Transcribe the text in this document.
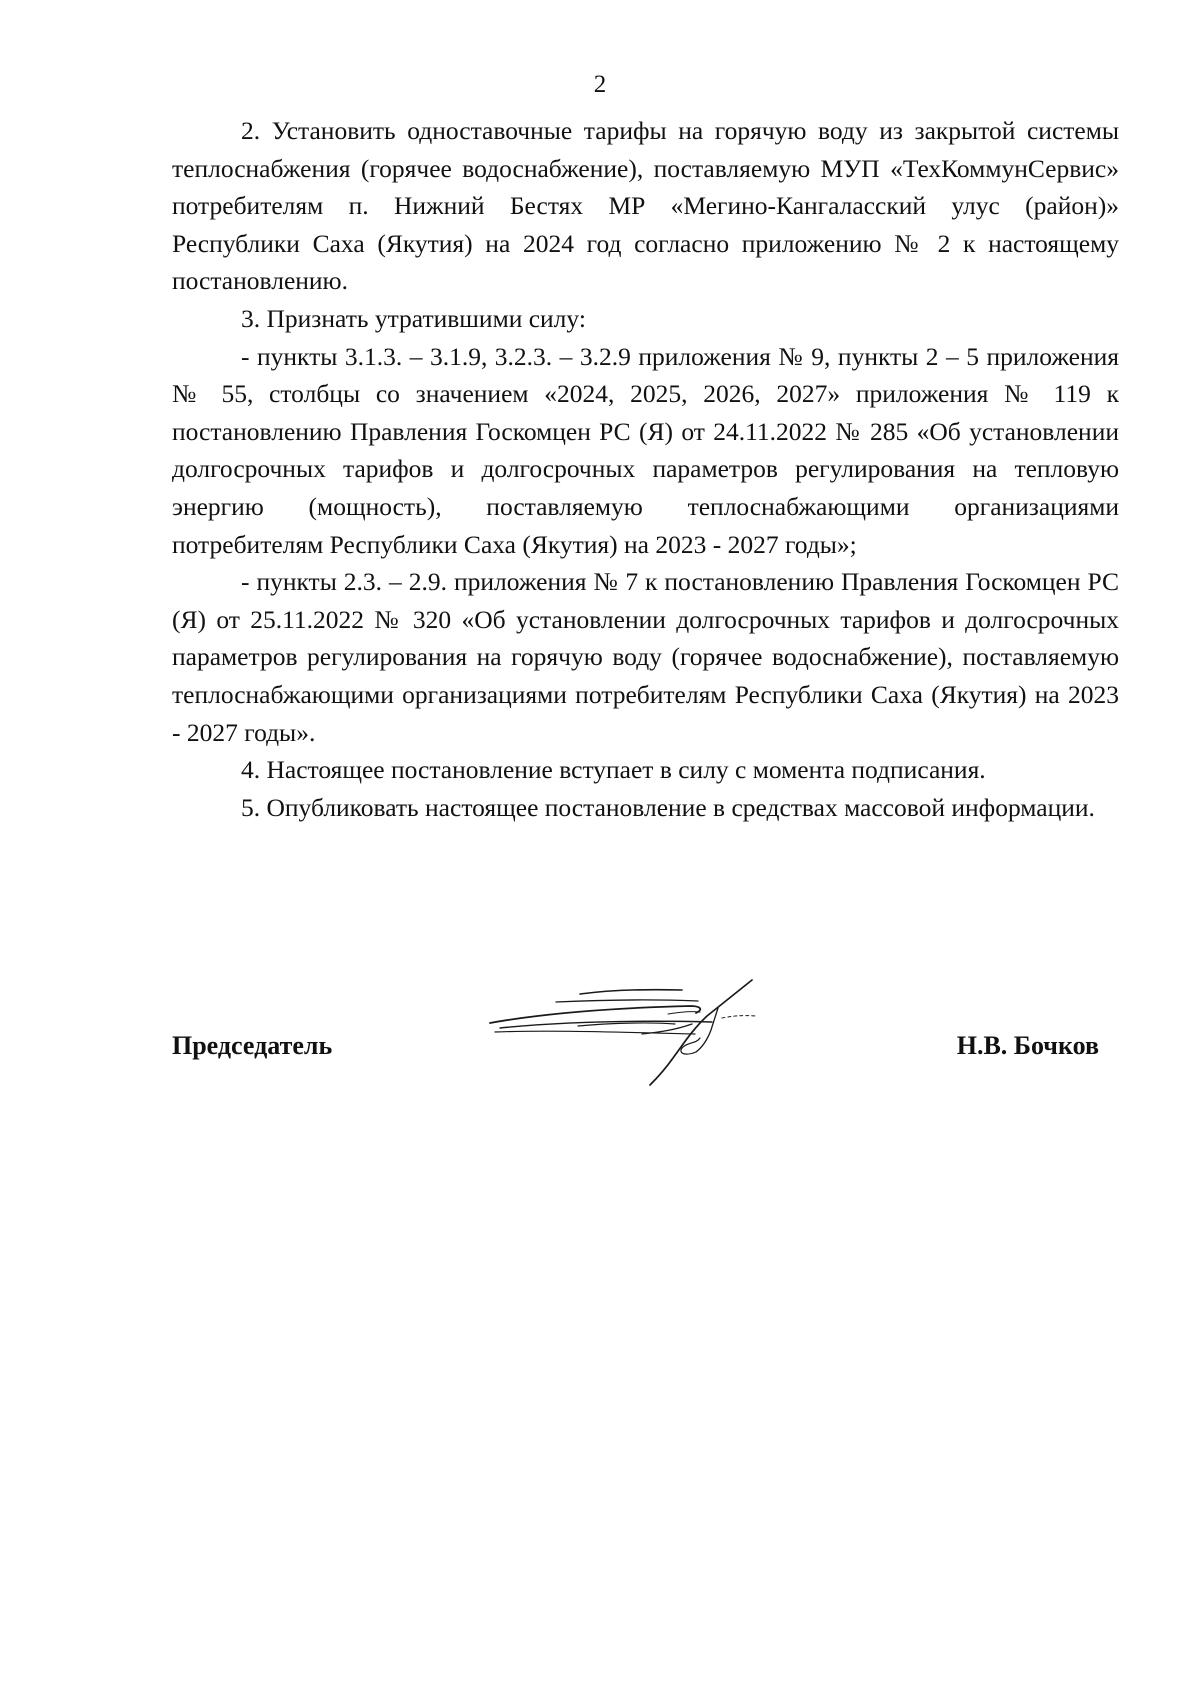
2

2. Установить одноставочные тарифы на горячую воду из закрытой системы теплоснабжения (горячее водоснабжение), поставляемую МУП «ТехКоммунСервис» потребителям п. Нижний Бестях МР «Мегино-Кангаласский улус (район)» Республики Саха (Якутия) на 2024 год согласно приложению № 2 к настоящему постановлению.

3. Признать утратившими силу:

- пункты 3.1.3. – 3.1.9, 3.2.3. – 3.2.9 приложения № 9, пункты 2 – 5 приложения № 55, столбцы со значением «2024, 2025, 2026, 2027» приложения № 119 к постановлению Правления Госкомцен РС (Я) от 24.11.2022 № 285 «Об установлении долгосрочных тарифов и долгосрочных параметров регулирования на тепловую энергию (мощность), поставляемую теплоснабжающими организациями потребителям Республики Саха (Якутия) на 2023 - 2027 годы»;

- пункты 2.3. – 2.9. приложения № 7 к постановлению Правления Госкомцен РС (Я) от 25.11.2022 № 320 «Об установлении долгосрочных тарифов и долгосрочных параметров регулирования на горячую воду (горячее водоснабжение), поставляемую теплоснабжающими организациями потребителям Республики Саха (Якутия) на 2023 - 2027 годы».

4. Настоящее постановление вступает в силу с момента подписания.

5. Опубликовать настоящее постановление в средствах массовой информации.

Председатель	Н.В. Бочков
